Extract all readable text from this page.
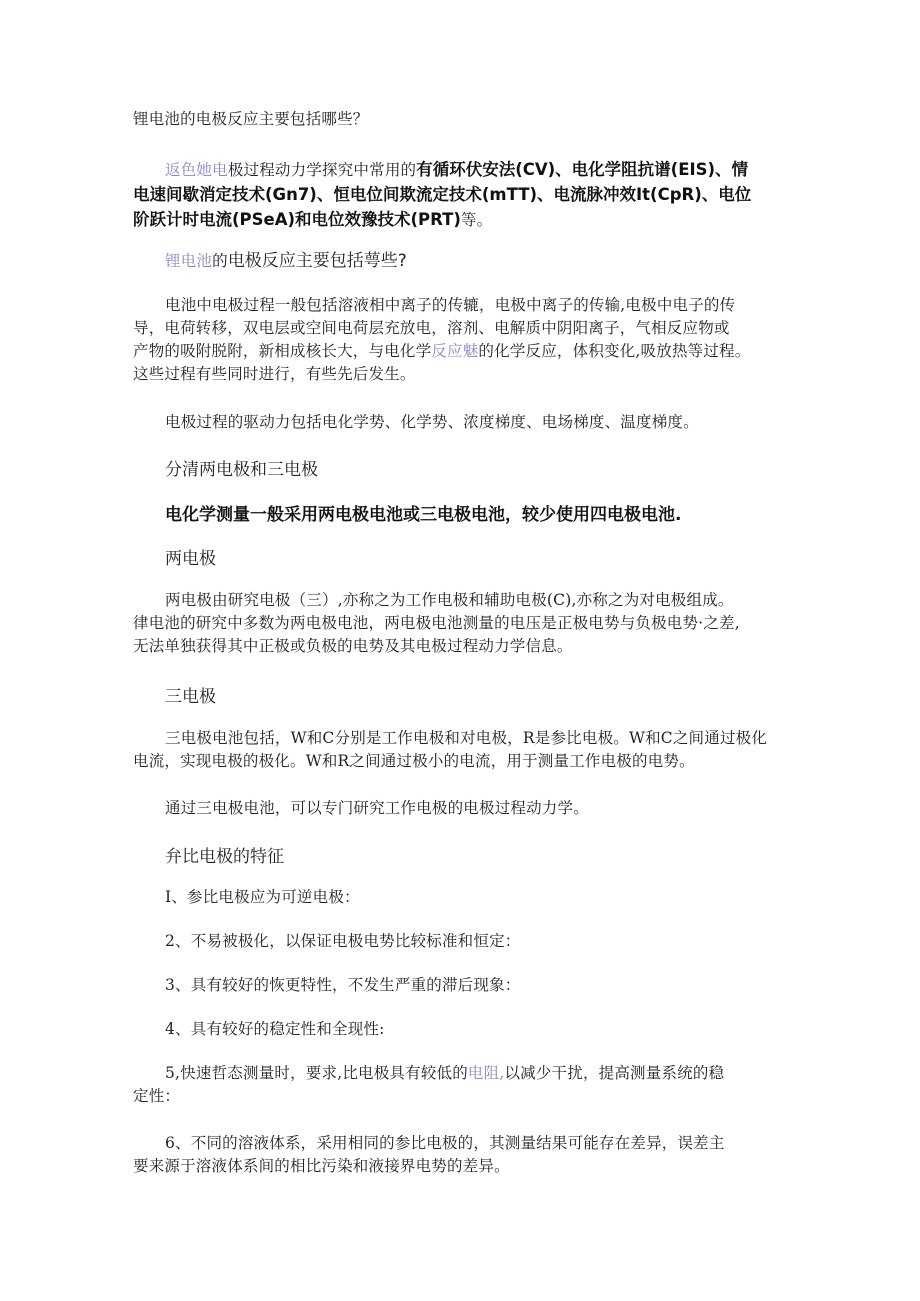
锂电池的电极反应主要包括哪些？
返色她电极过程动力学探究中常用的有循环伏安法(CV)、电化学阻抗谱(EIS)、情
电速间歇消定技术(Gn7)、恒电位间欺流定技术(mTT)、电流脉冲效It(CpR)、电位
阶跃计时电流(PSeA)和电位效豫技术(PRT)等。
锂电池的电极反应主要包括萼些?
电池中电极过程一般包括溶液相中离子的传辘，电极中离子的传输,电极中电子的传
导，电荷转移，双电层或空间电荷层充放电，溶剂、电解质中阴阳离子，气相反应物或
产物的吸附脱附，新相成核长大，与电化学反应魅的化学反应，体积变化,吸放热等过程。
这些过程有些同时进行，有些先后发生。
电极过程的驱动力包括电化学势、化学势、浓度梯度、电场梯度、温度梯度。
分清两电极和三电极
电化学测量一般采用两电极电池或三电极电池，较少使用四电极电池.
两电极
两电极由研究电极（三）,亦称之为工作电极和辅助电极(C),亦称之为对电极组成。
律电池的研究中多数为两电极电池，两电极电池测量的电压是正极电势与负极电势·之差,
无法单独获得其中正极或负极的电势及其电极过程动力学信息。
三电极
三电极电池包括，W和C分别是工作电极和对电极，R是参比电极。W和C之间通过极化
电流，实现电极的极化。W和R之间通过极小的电流，用于测量工作电极的电势。
通过三电极电池，可以专门研究工作电极的电极过程动力学。
弁比电极的特征
I、参比电极应为可逆电极：
2、不易被极化，以保证电极电势比较标准和恒定：
3、具有较好的恢更特性，不发生严重的滞后现象：
4、具有较好的稳定性和全现性:
5,快速哲态测量时，要求,比电极具有较低的电阻,以减少干扰，提高测量系统的稳
定性：
6、不同的溶液体系，采用相同的参比电极的，其测量结果可能存在差异，误差主
要来源于溶液体系间的相比污染和液接界电势的差异。
